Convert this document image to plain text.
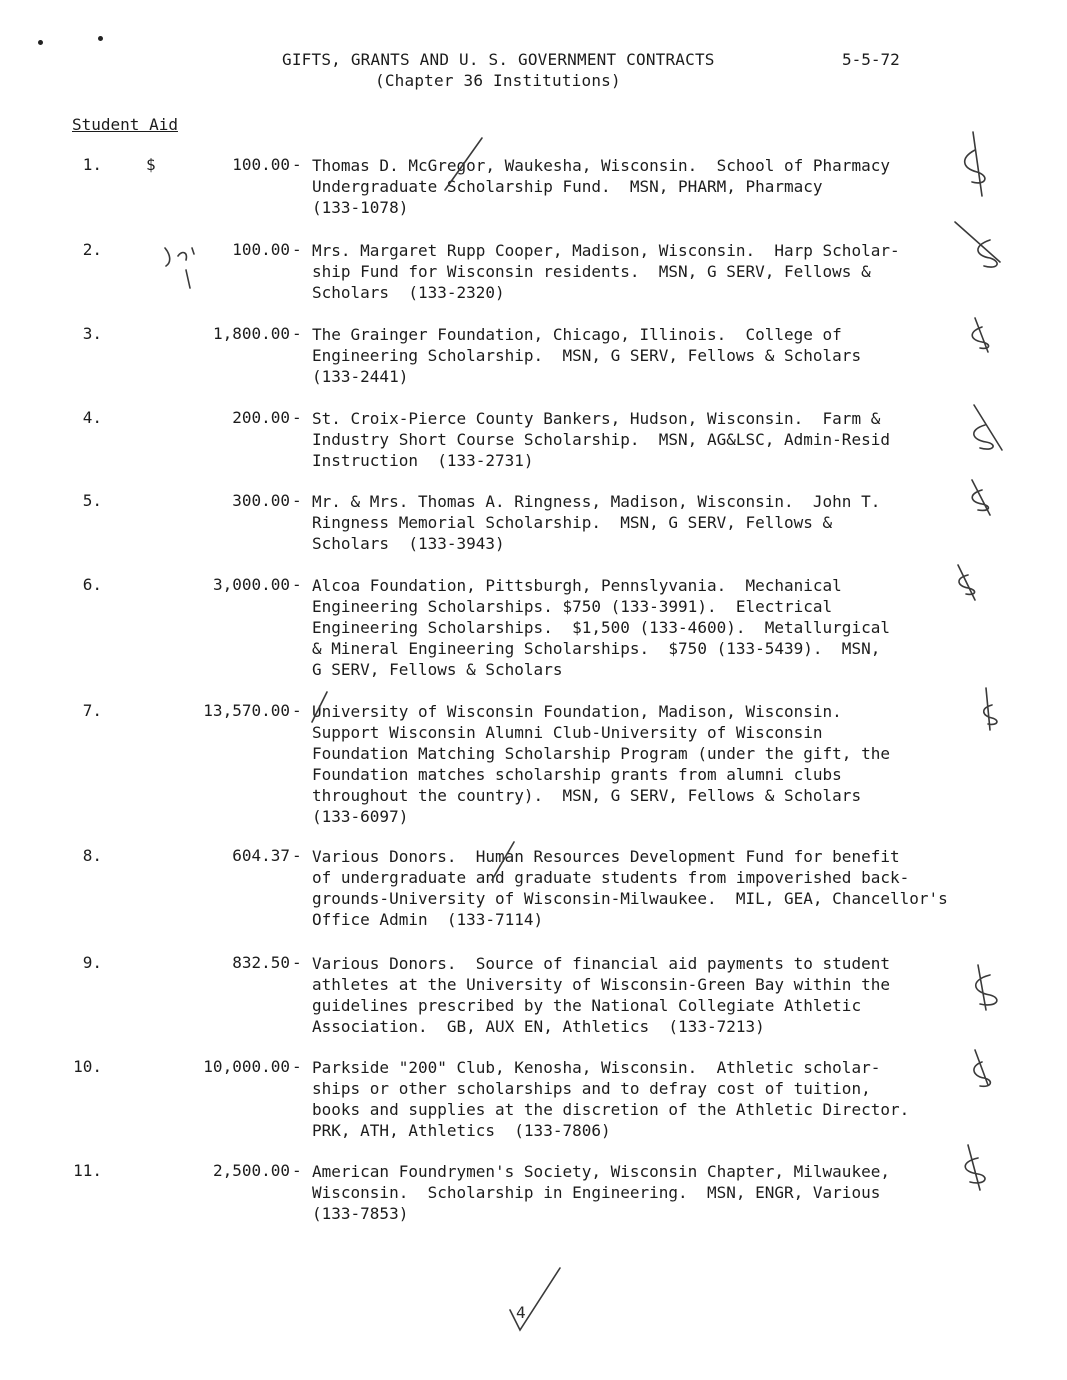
GIFTS, GRANTS AND U. S. GOVERNMENT CONTRACTS
(Chapter 36 Institutions)
5-5-72
Student Aid
1.	$	100.00 - Thomas D. McGregor, Waukesha, Wisconsin.  School of Pharmacy
Undergraduate Scholarship Fund.  MSN, PHARM, Pharmacy
(133-1078)
2.	100.00 - Mrs. Margaret Rupp Cooper, Madison, Wisconsin.  Harp Scholar-
ship Fund for Wisconsin residents.  MSN, G SERV, Fellows &
Scholars  (133-2320)
3.	1,800.00 - The Grainger Foundation, Chicago, Illinois.  College of
Engineering Scholarship.  MSN, G SERV, Fellows & Scholars
(133-2441)
4.	200.00 - St. Croix-Pierce County Bankers, Hudson, Wisconsin.  Farm &
Industry Short Course Scholarship.  MSN, AG&LSC, Admin-Resid
Instruction  (133-2731)
5.	300.00 - Mr. & Mrs. Thomas A. Ringness, Madison, Wisconsin.  John T.
Ringness Memorial Scholarship.  MSN, G SERV, Fellows &
Scholars  (133-3943)
6.	3,000.00 - Alcoa Foundation, Pittsburgh, Pennslyvania.  Mechanical
Engineering Scholarships. $750 (133-3991).  Electrical
Engineering Scholarships.  $1,500 (133-4600).  Metallurgical
& Mineral Engineering Scholarships.  $750 (133-5439).  MSN,
G SERV, Fellows & Scholars
7.	13,570.00 - University of Wisconsin Foundation, Madison, Wisconsin.
Support Wisconsin Alumni Club-University of Wisconsin
Foundation Matching Scholarship Program (under the gift, the
Foundation matches scholarship grants from alumni clubs
throughout the country).  MSN, G SERV, Fellows & Scholars
(133-6097)
8.	604.37 - Various Donors.  Human Resources Development Fund for benefit
of undergraduate and graduate students from impoverished back-
grounds-University of Wisconsin-Milwaukee.  MIL, GEA, Chancellor's
Office Admin  (133-7114)
9.	832.50 - Various Donors.  Source of financial aid payments to student
athletes at the University of Wisconsin-Green Bay within the
guidelines prescribed by the National Collegiate Athletic
Association.  GB, AUX EN, Athletics  (133-7213)
10.	10,000.00 - Parkside "200" Club, Kenosha, Wisconsin.  Athletic scholar-
ships or other scholarships and to defray cost of tuition,
books and supplies at the discretion of the Athletic Director.
PRK, ATH, Athletics  (133-7806)
11.	2,500.00 - American Foundrymen's Society, Wisconsin Chapter, Milwaukee,
Wisconsin.  Scholarship in Engineering.  MSN, ENGR, Various
(133-7853)
4
